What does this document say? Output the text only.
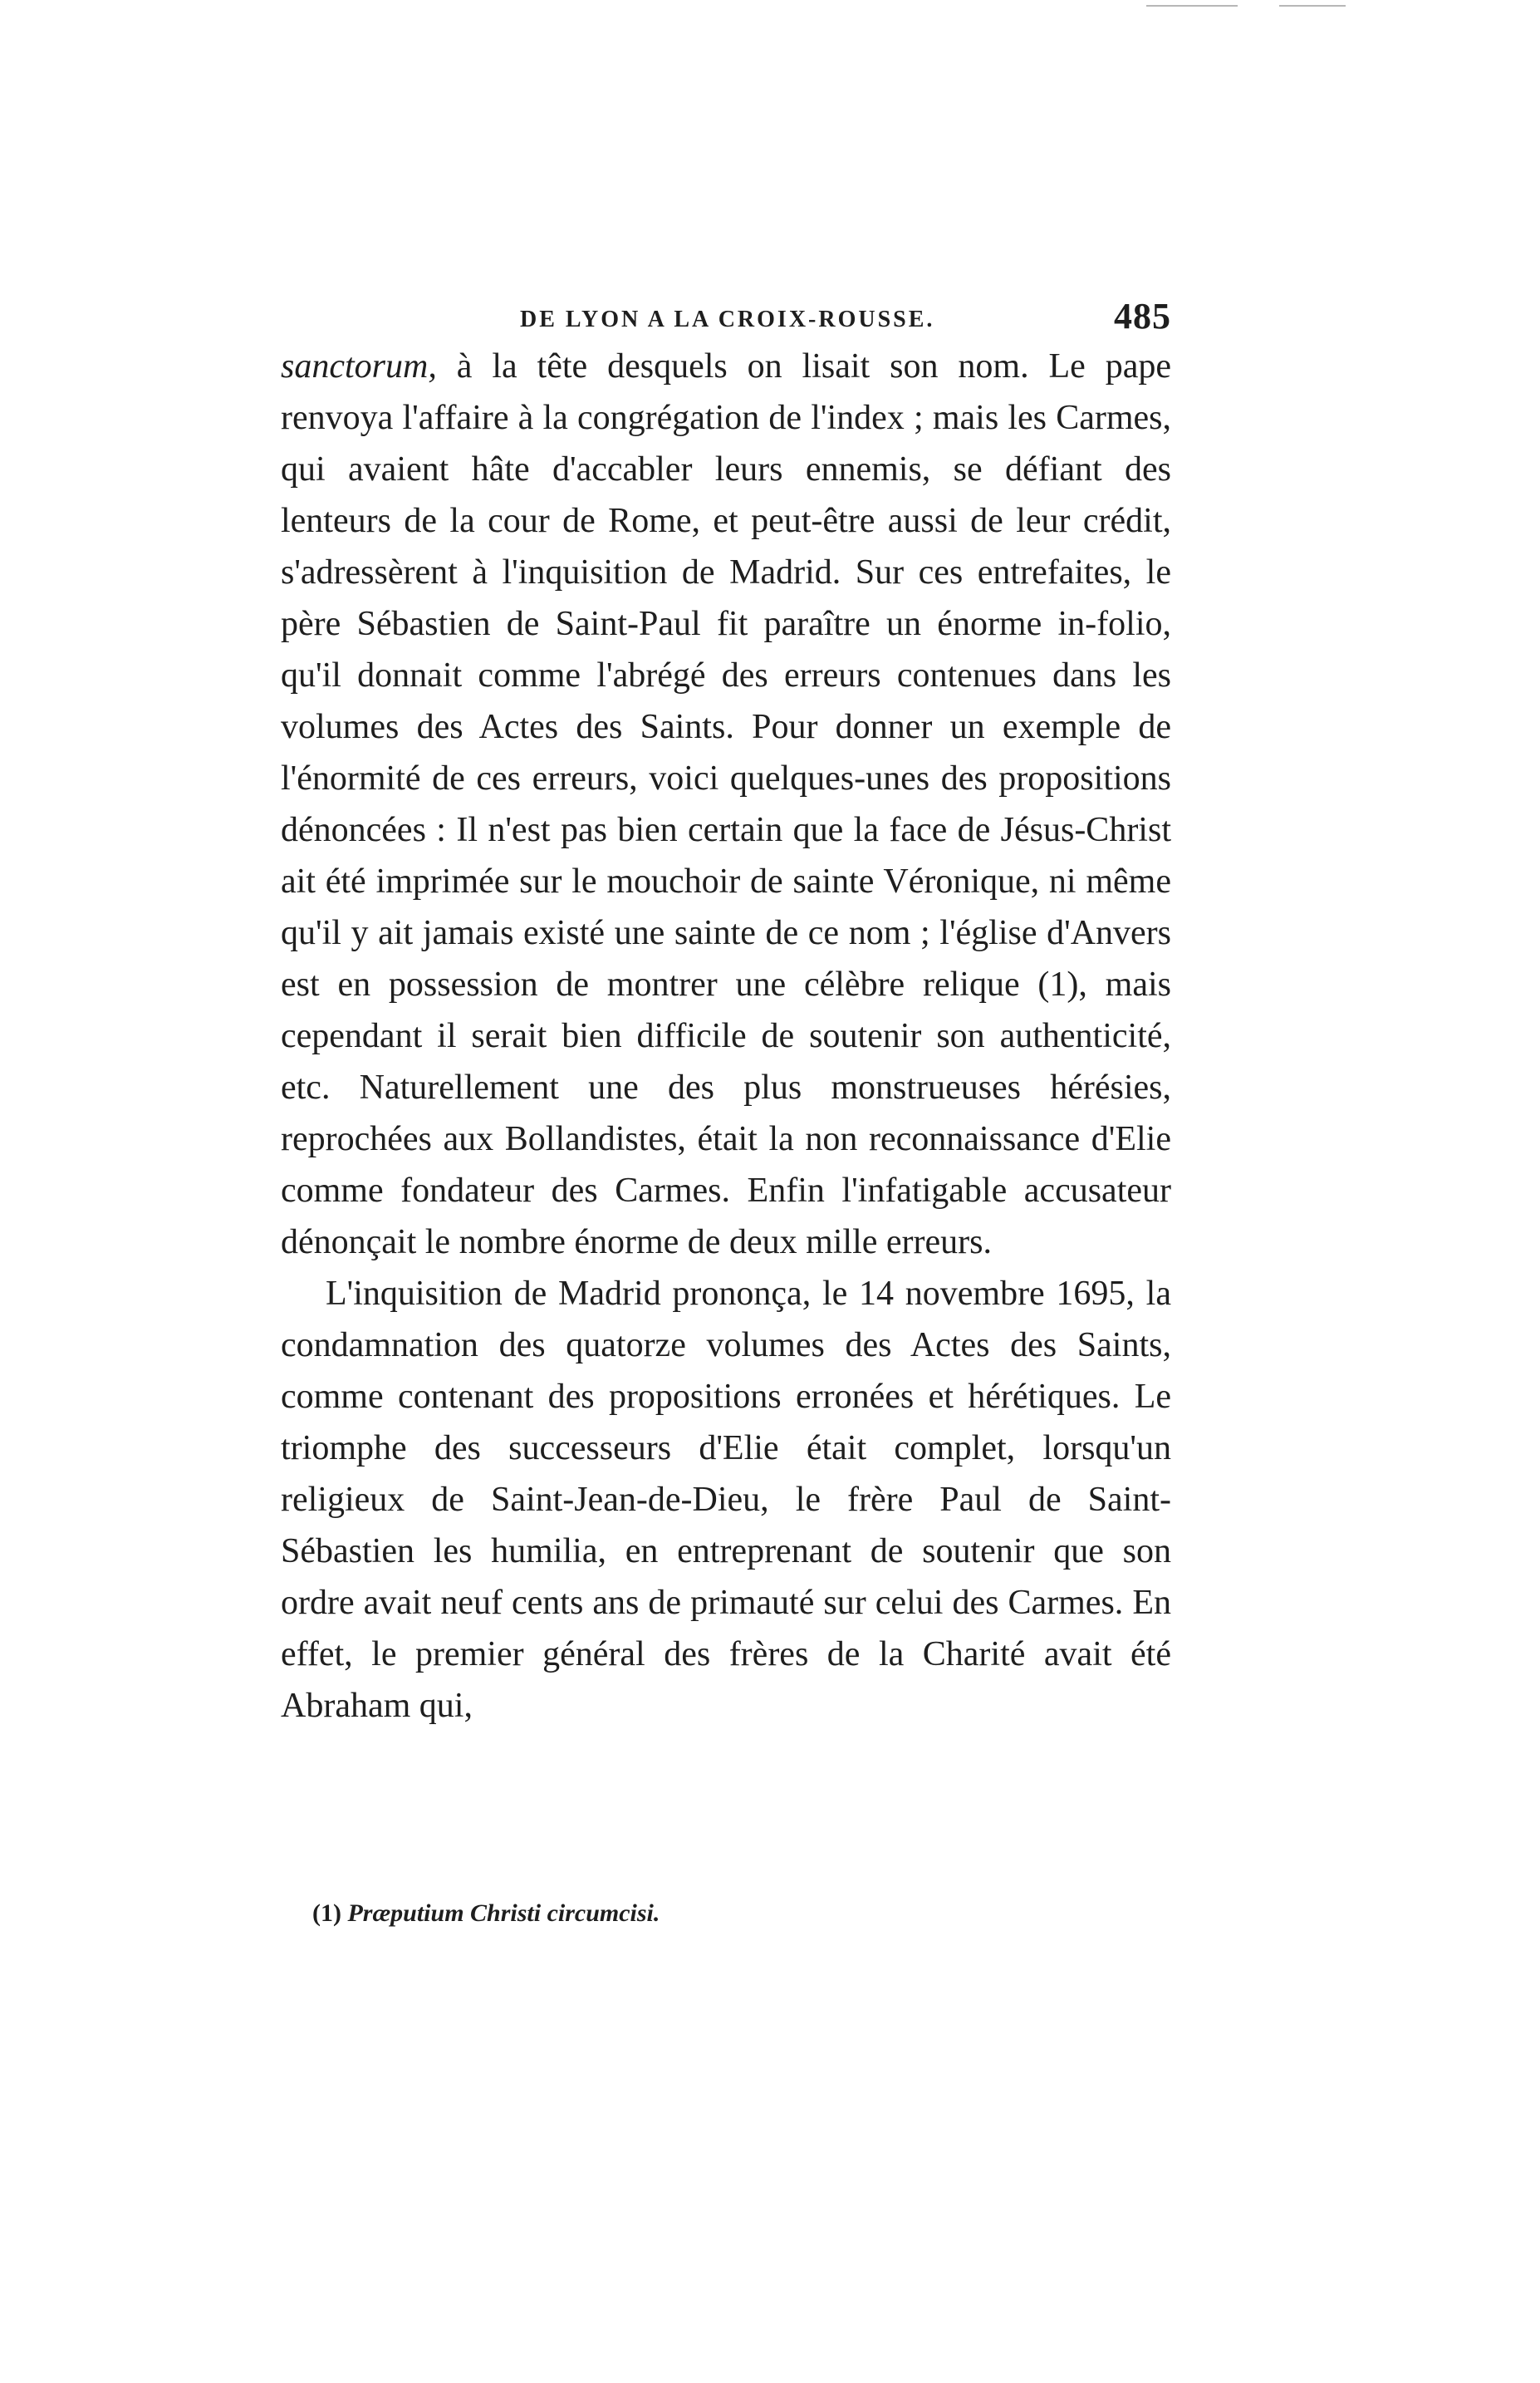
DE LYON A LA CROIX-ROUSSE.	485

sanctorum, à la tête desquels on lisait son nom. Le pape renvoya l'affaire à la congrégation de l'index ; mais les Carmes, qui avaient hâte d'accabler leurs ennemis, se défiant des lenteurs de la cour de Rome, et peut-être aussi de leur crédit, s'adressèrent à l'inquisition de Madrid. Sur ces entrefaites, le père Sébastien de Saint-Paul fit paraître un énorme in-folio, qu'il donnait comme l'abrégé des erreurs contenues dans les volumes des Actes des Saints. Pour donner un exemple de l'énormité de ces erreurs, voici quelques-unes des propositions dénoncées : Il n'est pas bien certain que la face de Jésus-Christ ait été imprimée sur le mouchoir de sainte Véronique, ni même qu'il y ait jamais existé une sainte de ce nom ; l'église d'Anvers est en possession de montrer une célèbre relique (1), mais cependant il serait bien difficile de soutenir son authenticité, etc. Naturellement une des plus monstrueuses hérésies, reprochées aux Bollandistes, était la non reconnaissance d'Elie comme fondateur des Carmes. Enfin l'infatigable accusateur dénonçait le nombre énorme de deux mille erreurs.

L'inquisition de Madrid prononça, le 14 novembre 1695, la condamnation des quatorze volumes des Actes des Saints, comme contenant des propositions erronées et hérétiques. Le triomphe des successeurs d'Elie était complet, lorsqu'un religieux de Saint-Jean-de-Dieu, le frère Paul de Saint-Sébastien les humilia, en entreprenant de soutenir que son ordre avait neuf cents ans de primauté sur celui des Carmes. En effet, le premier général des frères de la Charité avait été Abraham qui,

(1) Præputium Christi circumcisi.
